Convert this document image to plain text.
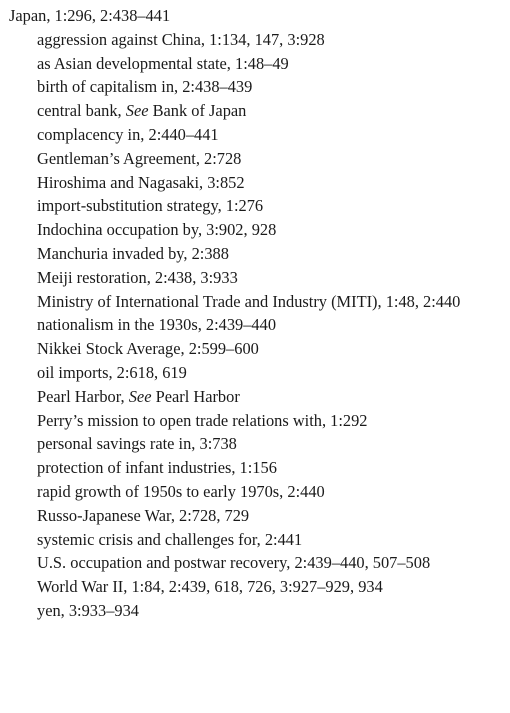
Japan, 1:296, 2:438–441
aggression against China, 1:134, 147, 3:928
as Asian developmental state, 1:48–49
birth of capitalism in, 2:438–439
central bank, See Bank of Japan
complacency in, 2:440–441
Gentleman’s Agreement, 2:728
Hiroshima and Nagasaki, 3:852
import-substitution strategy, 1:276
Indochina occupation by, 3:902, 928
Manchuria invaded by, 2:388
Meiji restoration, 2:438, 3:933
Ministry of International Trade and Industry (MITI), 1:48, 2:440
nationalism in the 1930s, 2:439–440
Nikkei Stock Average, 2:599–600
oil imports, 2:618, 619
Pearl Harbor, See Pearl Harbor
Perry’s mission to open trade relations with, 1:292
personal savings rate in, 3:738
protection of infant industries, 1:156
rapid growth of 1950s to early 1970s, 2:440
Russo-Japanese War, 2:728, 729
systemic crisis and challenges for, 2:441
U.S. occupation and postwar recovery, 2:439–440, 507–508
World War II, 1:84, 2:439, 618, 726, 3:927–929, 934
yen, 3:933–934
